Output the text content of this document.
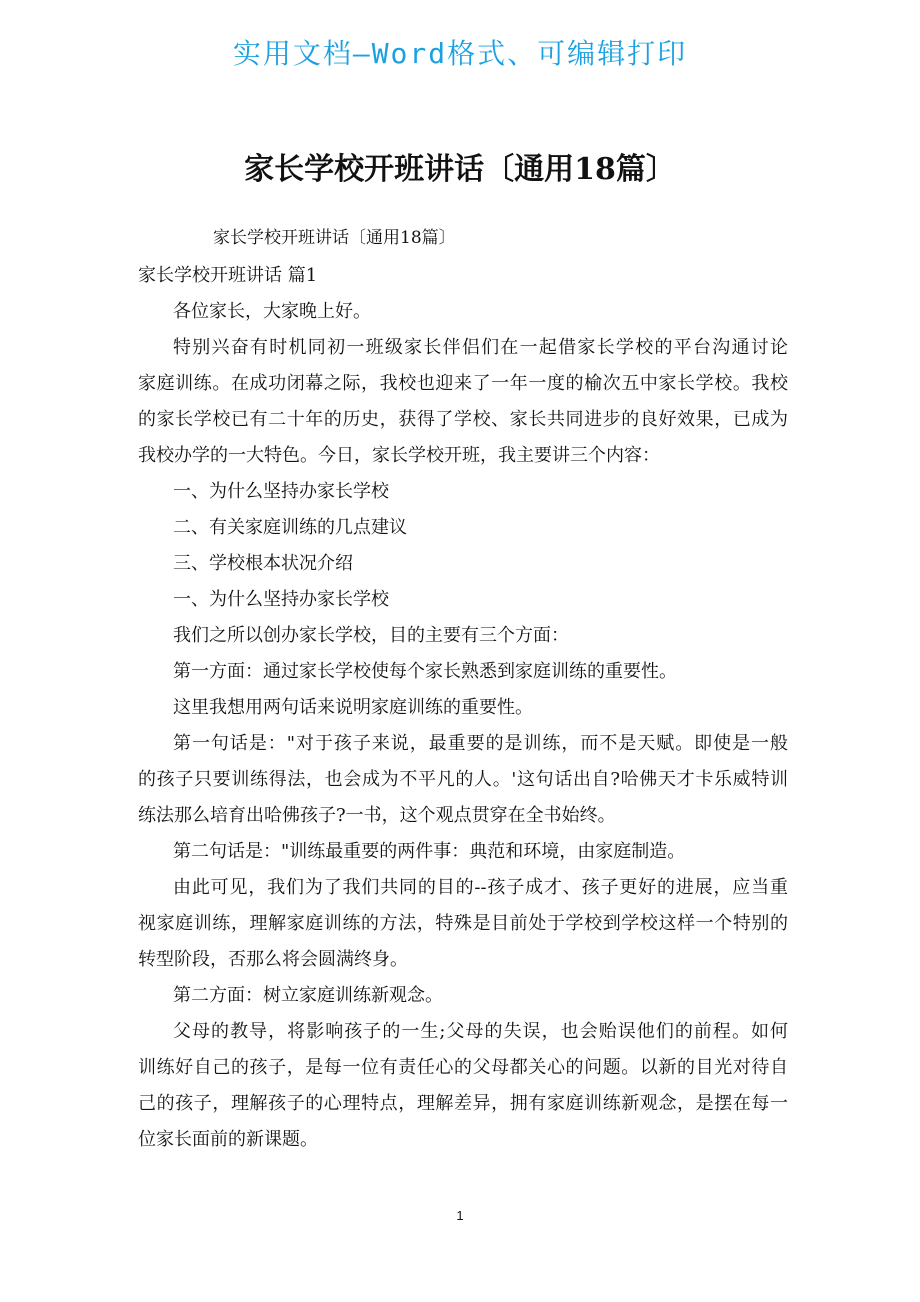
实用文档—Word格式、可编辑打印
家长学校开班讲话〔通用18篇〕
家长学校开班讲话〔通用18篇〕
家长学校开班讲话 篇1
各位家长，大家晚上好。
特别兴奋有时机同初一班级家长伴侣们在一起借家长学校的平台沟通讨论
家庭训练。在成功闭幕之际，我校也迎来了一年一度的榆次五中家长学校。我校
的家长学校已有二十年的历史，获得了学校、家长共同进步的良好效果，已成为
我校办学的一大特色。今日，家长学校开班，我主要讲三个内容：
一、为什么坚持办家长学校
二、有关家庭训练的几点建议
三、学校根本状况介绍
一、为什么坚持办家长学校
我们之所以创办家长学校，目的主要有三个方面：
第一方面：通过家长学校使每个家长熟悉到家庭训练的重要性。
这里我想用两句话来说明家庭训练的重要性。
第一句话是："对于孩子来说，最重要的是训练，而不是天赋。即使是一般
的孩子只要训练得法，也会成为不平凡的人。'这句话出自?哈佛天才卡乐威特训
练法那么培育出哈佛孩子?一书，这个观点贯穿在全书始终。
第二句话是："训练最重要的两件事：典范和环境，由家庭制造。
由此可见，我们为了我们共同的目的--孩子成才、孩子更好的进展，应当重
视家庭训练，理解家庭训练的方法，特殊是目前处于学校到学校这样一个特别的
转型阶段，否那么将会圆满终身。
第二方面：树立家庭训练新观念。
父母的教导，将影响孩子的一生;父母的失误，也会贻误他们的前程。如何
训练好自己的孩子，是每一位有责任心的父母都关心的问题。以新的目光对待自
己的孩子，理解孩子的心理特点，理解差异，拥有家庭训练新观念，是摆在每一
位家长面前的新课题。
1
